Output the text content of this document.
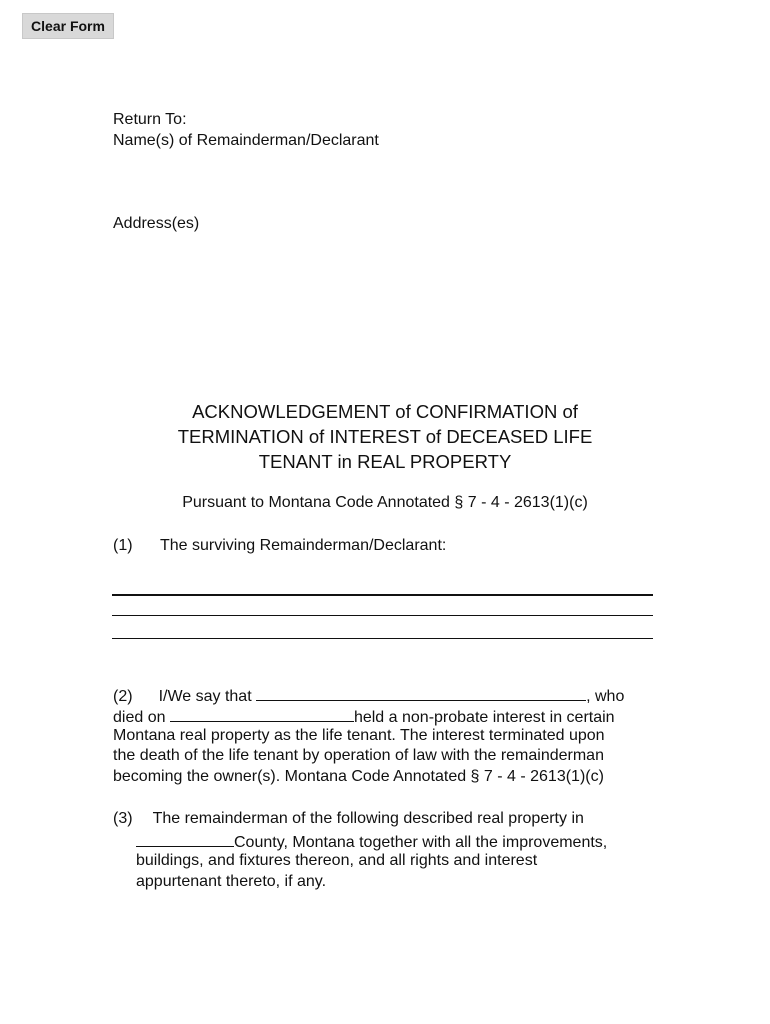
Clear Form
Return To:
Name(s) of Remainderman/Declarant
Address(es)
ACKNOWLEDGEMENT of CONFIRMATION of
TERMINATION of INTEREST of DECEASED LIFE
TENANT in REAL PROPERTY
Pursuant to Montana Code Annotated § 7 - 4 - 2613(1)(c)
(1) The surviving Remainderman/Declarant:
(2) I/We say that	, who
died on	held a non-probate interest in certain
Montana real property as the life tenant. The interest terminated upon
the death of the life tenant by operation of law with the remainderman
becoming the owner(s). Montana Code Annotated § 7 - 4 - 2613(1)(c)
(3) The remainderman of the following described real property in
County, Montana together with all the improvements,
buildings, and fixtures thereon, and all rights and interest
appurtenant thereto, if any.
